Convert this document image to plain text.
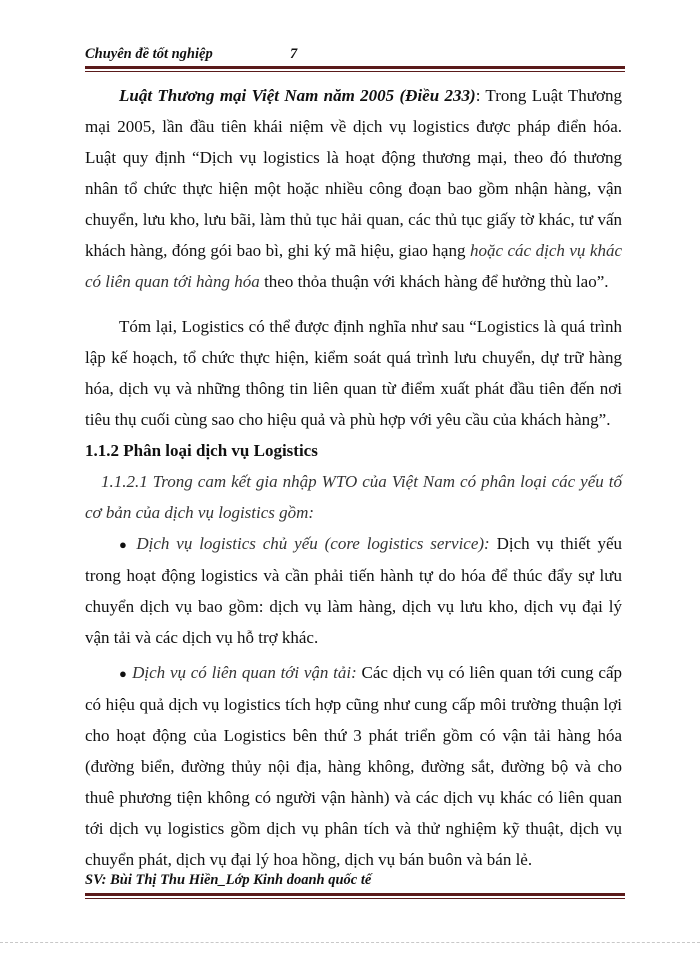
Chuyên đề tốt nghiệp	7

Luật Thương mại Việt Nam năm 2005 (Điều 233): Trong Luật Thương mại 2005, lần đầu tiên khái niệm về dịch vụ logistics được pháp điển hóa. Luật quy định “Dịch vụ logistics là hoạt động thương mại, theo đó thương nhân tổ chức thực hiện một hoặc nhiều công đoạn bao gồm nhận hàng, vận chuyển, lưu kho, lưu bãi, làm thủ tục hải quan, các thủ tục giấy tờ khác, tư vấn khách hàng, đóng gói bao bì, ghi ký mã hiệu, giao hạng hoặc các dịch vụ khác có liên quan tới hàng hóa theo thỏa thuận với khách hàng để hưởng thù lao”.

Tóm lại, Logistics có thể được định nghĩa như sau “Logistics là quá trình lập kế hoạch, tổ chức thực hiện, kiểm soát quá trình lưu chuyển, dự trữ hàng hóa, dịch vụ và những thông tin liên quan từ điểm xuất phát đầu tiên đến nơi tiêu thụ cuối cùng sao cho hiệu quả và phù hợp với yêu cầu của khách hàng”.

1.1.2 Phân loại dịch vụ Logistics

1.1.2.1 Trong cam kết gia nhập WTO của Việt Nam có phân loại các yếu tố cơ bản của dịch vụ logistics gồm:

● Dịch vụ logistics chủ yếu (core logistics service): Dịch vụ thiết yếu trong hoạt động logistics và cần phải tiến hành tự do hóa để thúc đẩy sự lưu chuyển dịch vụ bao gồm: dịch vụ làm hàng, dịch vụ lưu kho, dịch vụ đại lý vận tải và các dịch vụ hỗ trợ khác.

● Dịch vụ có liên quan tới vận tải: Các dịch vụ có liên quan tới cung cấp có hiệu quả dịch vụ logistics tích hợp cũng như cung cấp môi trường thuận lợi cho hoạt động của Logistics bên thứ 3 phát triển gồm có vận tải hàng hóa (đường biển, đường thủy nội địa, hàng không, đường sắt, đường bộ và cho thuê phương tiện không có người vận hành) và các dịch vụ khác có liên quan tới dịch vụ logistics gồm dịch vụ phân tích và thử nghiệm kỹ thuật, dịch vụ chuyển phát, dịch vụ đại lý hoa hồng, dịch vụ bán buôn và bán lẻ.

SV: Bùi Thị Thu Hiền_Lớp Kinh doanh quốc tế
